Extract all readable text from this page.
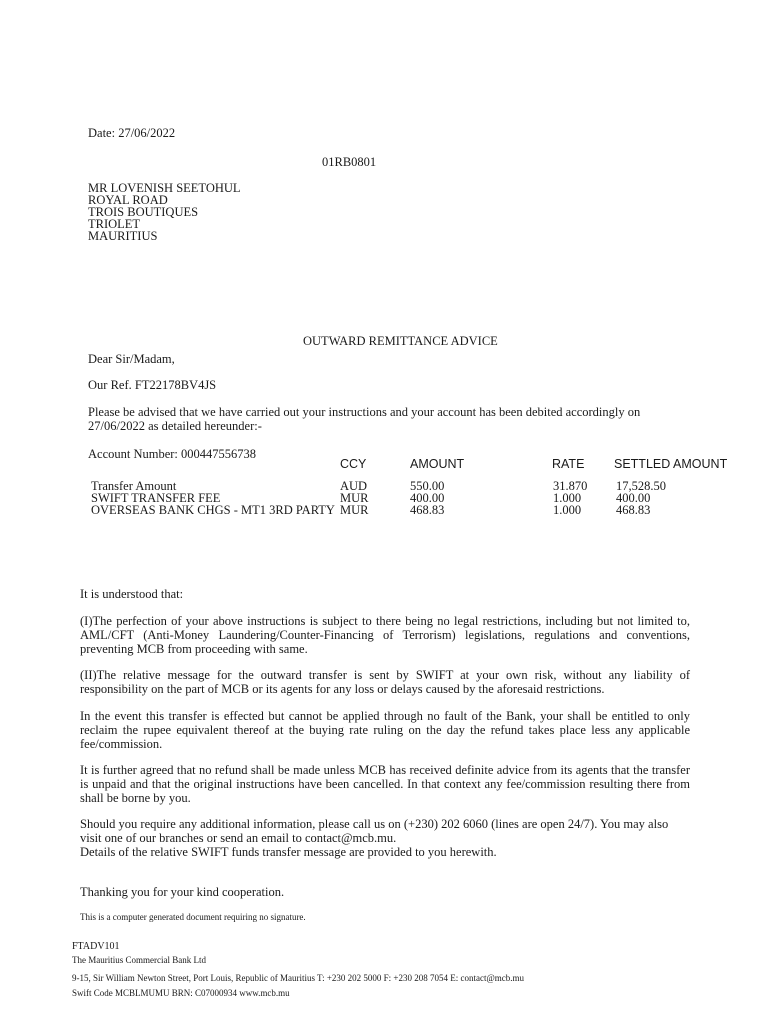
Date: 27/06/2022
01RB0801
MR LOVENISH SEETOHUL
ROYAL ROAD
TROIS BOUTIQUES
TRIOLET
MAURITIUS
OUTWARD REMITTANCE ADVICE
Dear Sir/Madam,
Our Ref. FT22178BV4JS
Please be advised that we have carried out your instructions and your account has been debited accordingly on
27/06/2022 as detailed hereunder:-
Account Number: 000447556738
CCY	AMOUNT	RATE SETTLED AMOUNT
Transfer Amount	AUD	550.00	31.870 17,528.50
SWIFT TRANSFER FEE	MUR	400.00	1.000	400.00
OVERSEAS BANK CHGS - MT1 3RD PARTY MUR	468.83	1.000	468.83
It is understood that:
(I)The perfection of your above instructions is subject to there being no legal restrictions, including but not limited to, AML/CFT (Anti-Money Laundering/Counter-Financing of Terrorism) legislations, regulations and conventions, preventing MCB from proceeding with same.
(II)The relative message for the outward transfer is sent by SWIFT at your own risk, without any liability of responsibility on the part of MCB or its agents for any loss or delays caused by the aforesaid restrictions.
In the event this transfer is effected but cannot be applied through no fault of the Bank, your shall be entitled to only reclaim the rupee equivalent thereof at the buying rate ruling on the day the refund takes place less any applicable fee/commission.
It is further agreed that no refund shall be made unless MCB has received definite advice from its agents that the transfer is unpaid and that the original instructions have been cancelled. In that context any fee/commission resulting there from shall be borne by you.
Should you require any additional information, please call us on (+230) 202 6060 (lines are open 24/7). You may also visit one of our branches or send an email to contact@mcb.mu.
Details of the relative SWIFT funds transfer message are provided to you herewith.
Thanking you for your kind cooperation.
This is a computer generated document requiring no signature.
FTADV101
The Mauritius Commercial Bank Ltd
9-15, Sir William Newton Street, Port Louis, Republic of Mauritius T: +230 202 5000 F: +230 208 7054 E: contact@mcb.mu
Swift Code MCBLMUMU BRN: C07000934 www.mcb.mu
